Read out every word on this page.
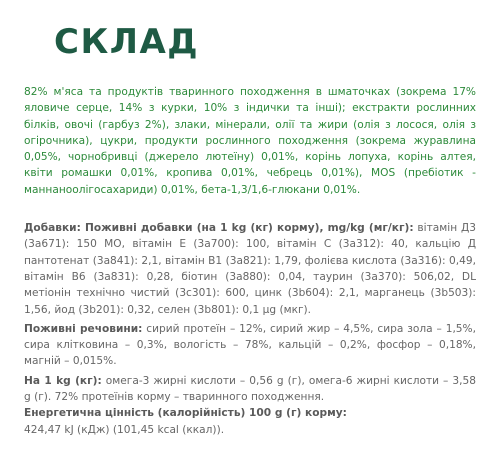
СКЛАД
82% м'яса та продуктів тваринного походження в шматочках (зокрема 17% яловиче серце, 14% з курки, 10% з індички та інші); екстракти рослинних білків, овочі (гарбуз 2%), злаки, мінерали, олії та жири (олія з лосося, олія з огірочника), цукри, продукти рослинного походження (зокрема журавлина 0,05%, чорнобривці (джерело лютеїну) 0,01%, корінь лопуха, корінь алтея, квіти ромашки 0,01%, кропива 0,01%, чебрець 0,01%), MOS (пребіотик - маннаноолігосахариди) 0,01%, бета-1,3/1,6-глюкани 0,01%.

Добавки: Поживні добавки (на 1 kg (кг) корму), mg/kg (мг/кг): вітамін Д3 (3а671): 150 МО, вітамін Е (3а700): 100, вітамін С (3а312): 40, кальцію Д пантотенат (3а841): 2,1, вітамін В1 (3а821): 1,79, фолієва кислота (3а316): 0,49, вітамін В6 (3а831): 0,28, біотин (3а880): 0,04, таурин (3а370): 506,02, DL метіонін технічно чистий (3с301): 600, цинк (3b604): 2,1, марганець (3b503): 1,56, йод (3b201): 0,32, селен (3b801): 0,1 µg (мкг).

Поживні речовини: сирий протеїн – 12%, сирий жир – 4,5%, сира зола – 1,5%, сира клітковина – 0,3%, вологість – 78%, кальцій – 0,2%, фосфор – 0,18%, магній – 0,015%.

На 1 kg (кг): омега-3 жирні кислоти – 0,56 g (г), омега-6 жирні кислоти – 3,58 g (г). 72% протеїнів корму – тваринного походження.

Енергетична цінність (калорійність) 100 g (г) корму:
424,47 kJ (кДж) (101,45 kcal (ккал)).
